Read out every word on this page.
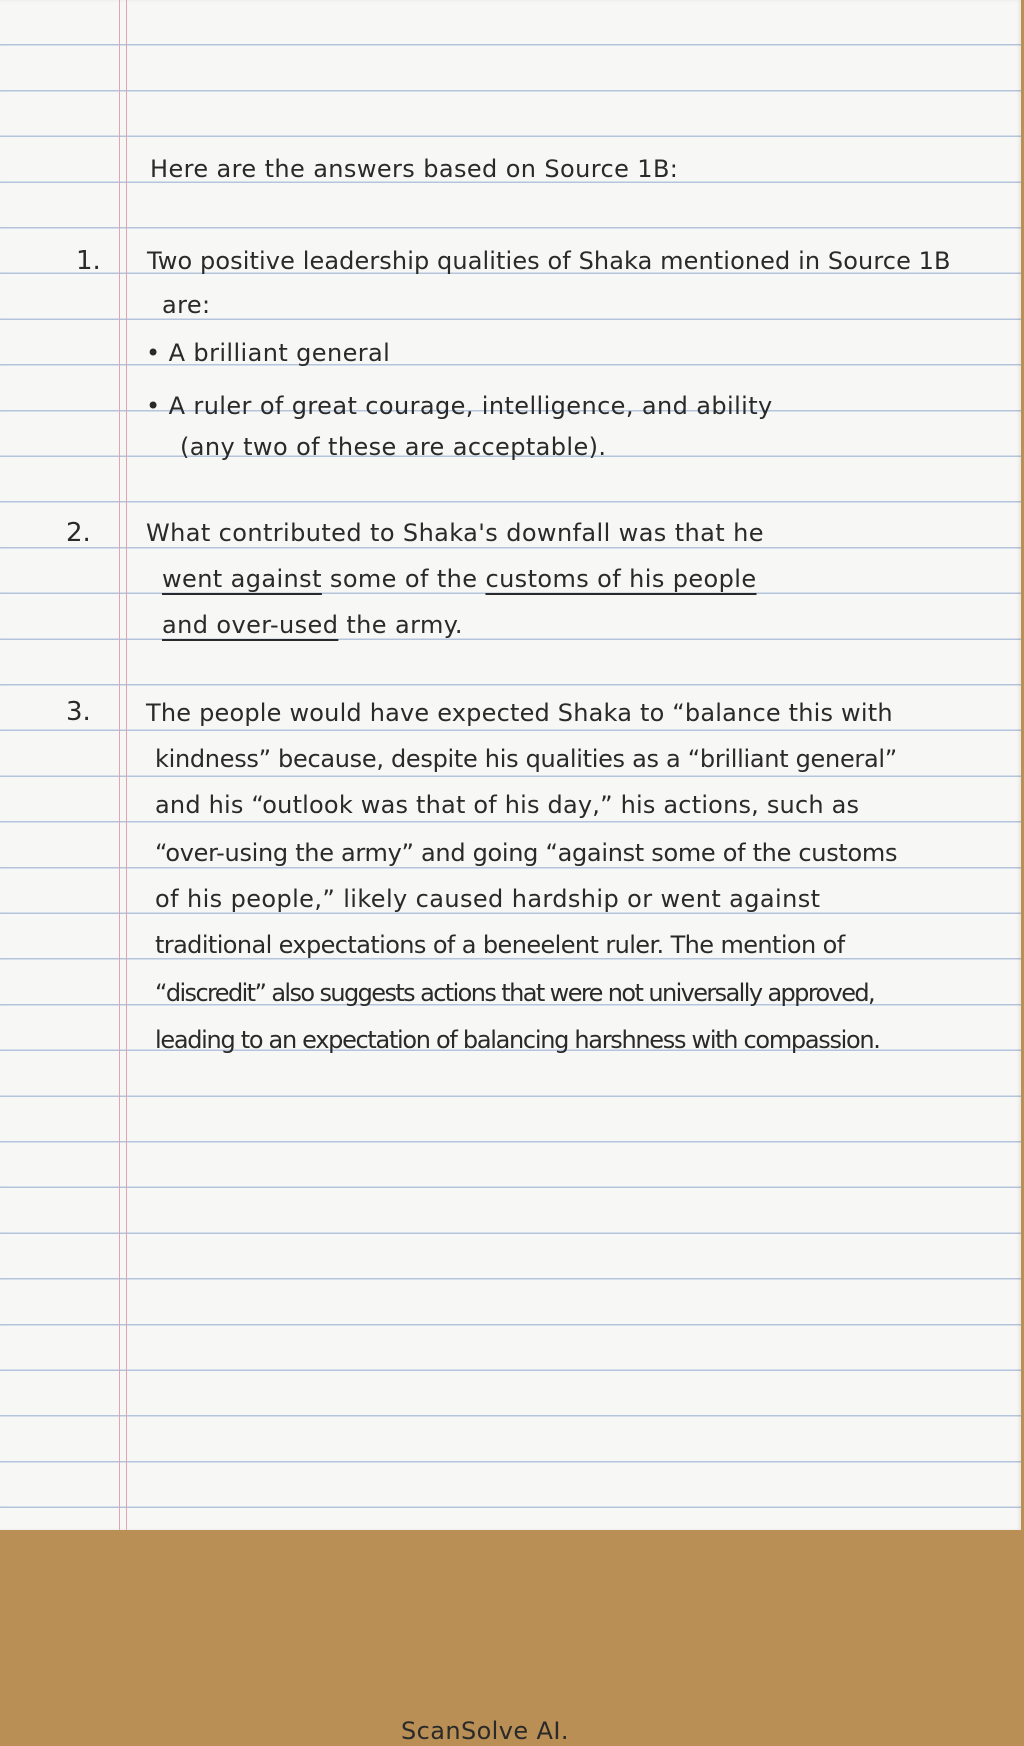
Here are the answers based on Source 1B:
1. Two positive leadership qualities of Shaka mentioned in Source 1B
are:
• A brilliant general
• A ruler of great courage, intelligence, and ability
(any two of these are acceptable).
2. What contributed to Shaka's downfall was that he
went against some of the customs of his people
and over-used the army.
3. The people would have expected Shaka to “balance this with
kindness” because, despite his qualities as a “brilliant general”
and his “outlook was that of his day,” his actions, such as
“over-using the army” and going “against some of the customs
of his people,” likely caused hardship or went against
traditional expectations of a beneelent ruler. The mention of
“discredit” also suggests actions that were not universally approved,
leading to an expectation of balancing harshness with compassion.
ScanSolve AI.
